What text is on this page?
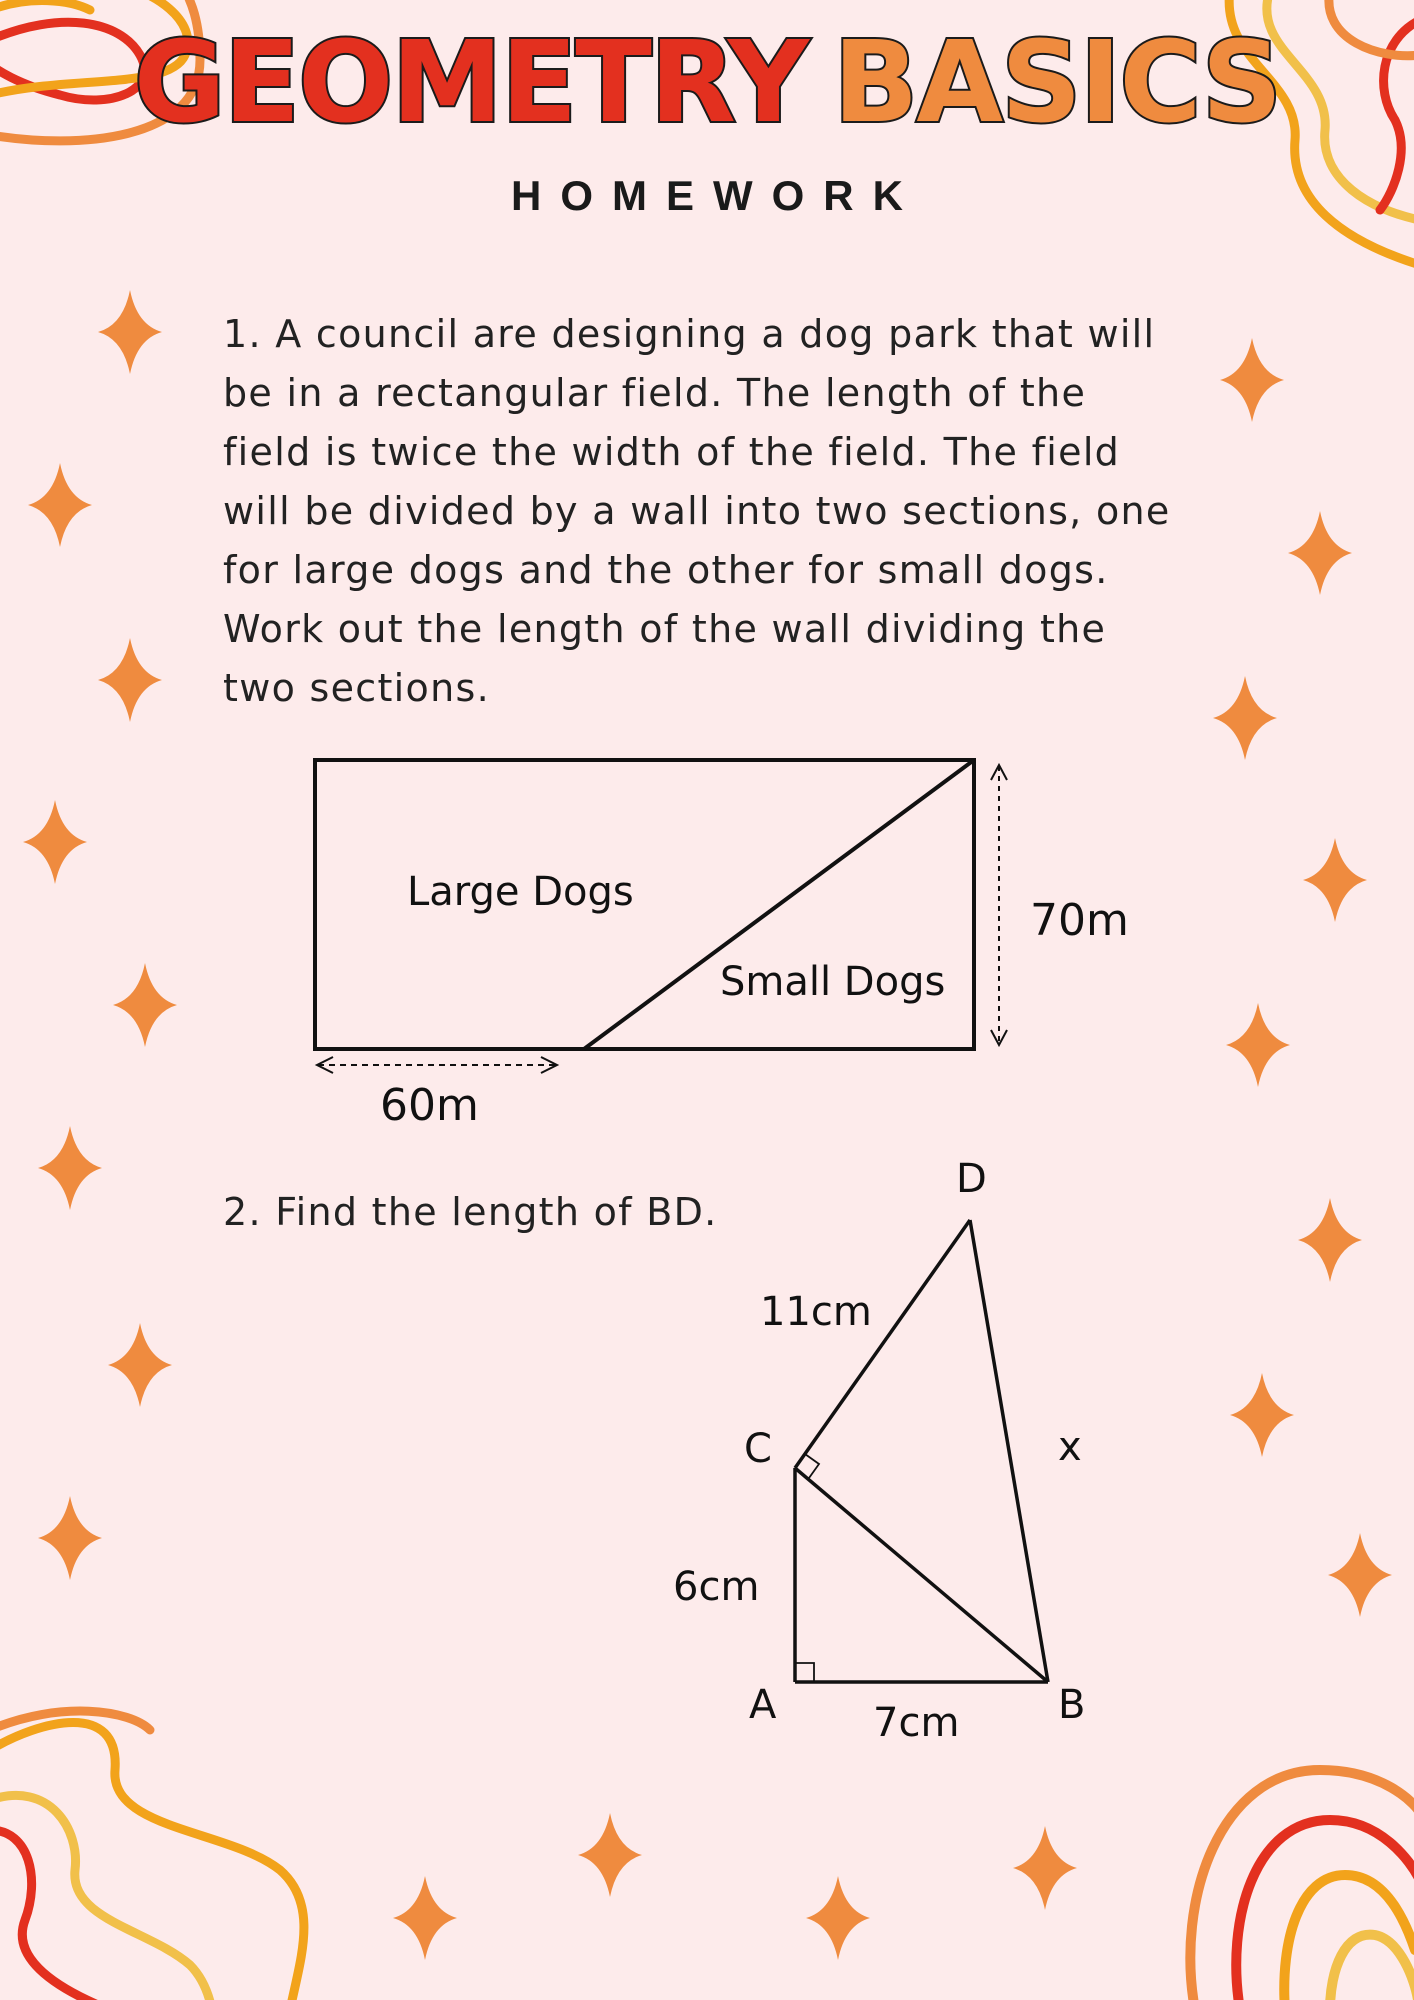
GEOMETRY BASICS
HOMEWORK
1. A council are designing a dog park that will be in a rectangular field. The length of the field is twice the width of the field. The field will be divided by a wall into two sections, one for large dogs and the other for small dogs. Work out the length of the wall dividing the two sections.
Large Dogs
Small Dogs
70m
60m
2. Find the length of BD.
D
C
A	B
11cm
6cm
7cm
x
